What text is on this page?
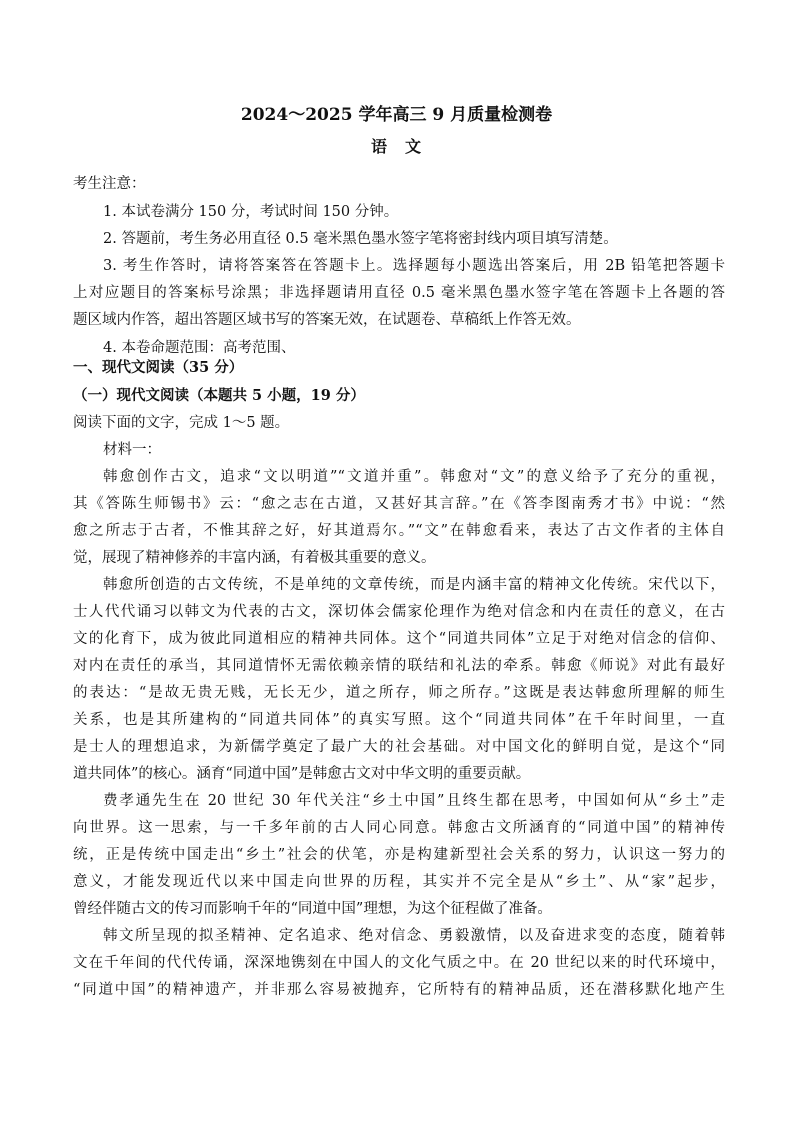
2024～2025 学年高三 9 月质量检测卷
语　文
考生注意：
1. 本试卷满分 150 分，考试时间 150 分钟。
2. 答题前，考生务必用直径 0.5 毫米黑色墨水签字笔将密封线内项目填写清楚。
3. 考生作答时，请将答案答在答题卡上。选择题每小题选出答案后，用 2B 铅笔把答题卡
上对应题目的答案标号涂黑；非选择题请用直径 0.5 毫米黑色墨水签字笔在答题卡上各题的答
题区域内作答，超出答题区域书写的答案无效，在试题卷、草稿纸上作答无效。
4. 本卷命题范围：高考范围、
一、现代文阅读（35 分）
（一）现代文阅读（本题共 5 小题，19 分）
阅读下面的文字，完成 1～5 题。
材料一：
韩愈创作古文，追求“文以明道”“文道并重”。韩愈对“文”的意义给予了充分的重视，
其《答陈生师锡书》云：“愈之志在古道，又甚好其言辞。”在《答李图南秀才书》中说：“然
愈之所志于古者，不惟其辞之好，好其道焉尔。”“文”在韩愈看来，表达了古文作者的主体自
觉，展现了精神修养的丰富内涵，有着极其重要的意义。
韩愈所创造的古文传统，不是单纯的文章传统，而是内涵丰富的精神文化传统。宋代以下，
士人代代诵习以韩文为代表的古文，深切体会儒家伦理作为绝对信念和内在责任的意义，在古
文的化育下，成为彼此同道相应的精神共同体。这个“同道共同体”立足于对绝对信念的信仰、
对内在责任的承当，其同道情怀无需依赖亲情的联结和礼法的牵系。韩愈《师说》对此有最好
的表达：“是故无贵无贱，无长无少，道之所存，师之所存。”这既是表达韩愈所理解的师生
关系，也是其所建构的“同道共同体”的真实写照。这个“同道共同体”在千年时间里，一直
是士人的理想追求，为新儒学奠定了最广大的社会基础。对中国文化的鲜明自觉，是这个“同
道共同体”的核心。涵育“同道中国”是韩愈古文对中华文明的重要贡献。
费孝通先生在 20 世纪 30 年代关注“乡土中国”且终生都在思考，中国如何从“乡土”走
向世界。这一思索，与一千多年前的古人同心同意。韩愈古文所涵育的“同道中国”的精神传
统，正是传统中国走出“乡土”社会的伏笔，亦是构建新型社会关系的努力，认识这一努力的
意义，才能发现近代以来中国走向世界的历程，其实并不完全是从“乡土”、从“家”起步，
曾经伴随古文的传习而影响千年的“同道中国”理想，为这个征程做了准备。
韩文所呈现的拟圣精神、定名追求、绝对信念、勇毅激情，以及奋进求变的态度，随着韩
文在千年间的代代传诵，深深地镌刻在中国人的文化气质之中。在 20 世纪以来的时代环境中，
“同道中国”的精神遗产，并非那么容易被抛弃，它所特有的精神品质，还在潜移默化地产生
